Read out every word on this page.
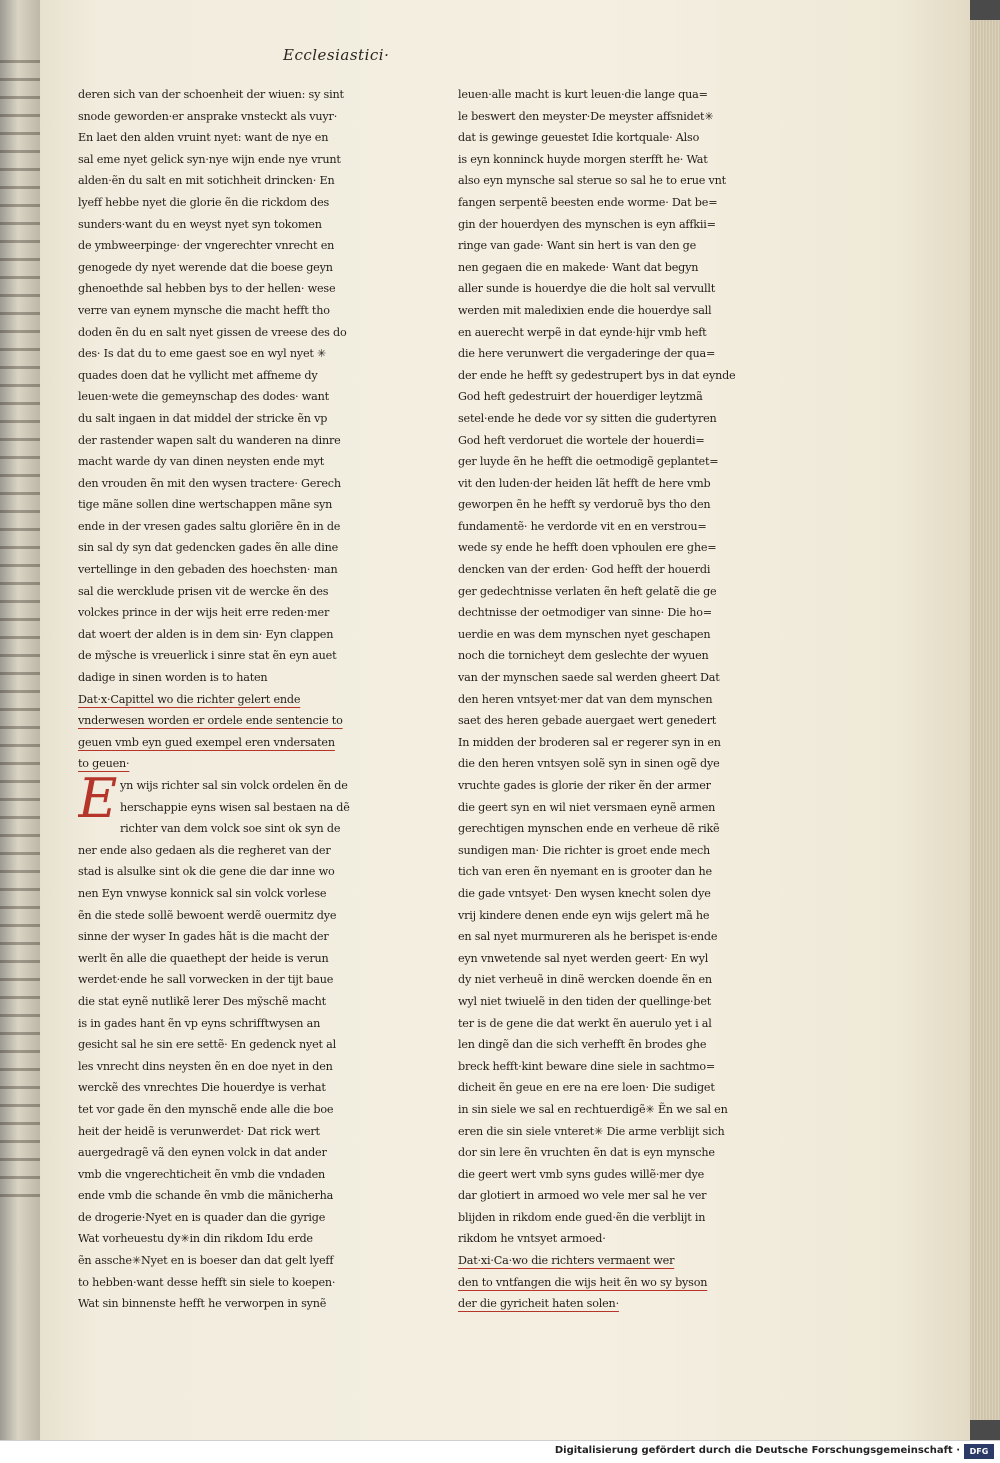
Ecclesiastici·
deren sich van der schoenheit der wiuen: sy sint
snode geworden·er ansprake vnsteckt als vuyr·
En laet den alden vruint nyet: want de nye en
sal eme nyet gelick syn·nye wijn ende nye vrunt
alden·ẽn du salt en mit sotichheit drincken· En
lyeff hebbe nyet die glorie ẽn die rickdom des
sunders·want du en weyst nyet syn tokomen
de ymbweerpinge· der vngerechter vnrecht en
genogede dy nyet werende dat die boese geyn
ghenoethde sal hebben bys to der hellen· wese
verre van eynem mynsche die macht hefft tho
doden ẽn du en salt nyet gissen de vreese des do
des· Is dat du to eme gaest soe en wyl nyet ✳
quades doen dat he vyllicht met affneme dy
leuen·wete die gemeynschap des dodes· want
du salt ingaen in dat middel der stricke ẽn vp
der rastender wapen salt du wanderen na dinre
macht warde dy van dinen neysten ende myt
den vrouden ẽn mit den wysen tractere· Gerech
tige mãne sollen dine wertschappen mãne syn
ende in der vresen gades saltu gloriẽre ẽn in de
sin sal dy syn dat gedencken gades ẽn alle dine
vertellinge in den gebaden des hoechsten· man
sal die wercklude prisen vit de wercke ẽn des
volckes prince in der wijs heit erre reden·mer
dat woert der alden is in dem sin· Eyn clappen
de mỹsche is vreuerlick i sinre stat ẽn eyn auet
dadige in sinen worden is to haten
Dat·x·Capittel wo die richter gelert ende
vnderwesen worden er ordele ende sentencie to
geuen vmb eyn gued exempel eren vndersaten
to geuen·
E yn wijs richter sal sin volck ordelen ẽn de
herschappie eyns wisen sal bestaen na dẽ
richter van dem volck soe sint ok syn de
ner ende also gedaen als die regheret van der
stad is alsulke sint ok die gene die dar inne wo
nen Eyn vnwyse konnick sal sin volck vorlese
ẽn die stede sollẽ bewoent werdẽ ouermitz dye
sinne der wyser In gades hãt is die macht der
werlt ẽn alle die quaethept der heide is verun
werdet·ende he sall vorwecken in der tijt baue
die stat eynẽ nutlikẽ lerer Des mỹschẽ macht
is in gades hant ẽn vp eyns schrifftwysen an
gesicht sal he sin ere settẽ· En gedenck nyet al
les vnrecht dins neysten ẽn en doe nyet in den
werckẽ des vnrechtes Die houerdye is verhat
tet vor gade ẽn den mynschẽ ende alle die boe
heit der heidẽ is verunwerdet· Dat rick wert
auergedragẽ vã den eynen volck in dat ander
vmb die vngerechticheit ẽn vmb die vndaden
ende vmb die schande ẽn vmb die mãnicherha
de drogerie·Nyet en is quader dan die gyrige
Wat vorheuestu dy✳in din rikdom Idu erde
ẽn assche✳Nyet en is boeser dan dat gelt lyeff
to hebben·want desse hefft sin siele to koepen·
Wat sin binnenste hefft he verworpen in synẽ
leuen·alle macht is kurt leuen·die lange qua=
le beswert den meyster·De meyster affsnidet✳
dat is gewinge geuestet Idie kortquale· Also
is eyn konninck huyde morgen sterfft he· Wat
also eyn mynsche sal sterue so sal he to erue vnt
fangen serpentẽ beesten ende worme· Dat be=
gin der houerdyen des mynschen is eyn affkii=
ringe van gade· Want sin hert is van den ge
nen gegaen die en makede· Want dat begyn
aller sunde is houerdye die die holt sal vervullt
werden mit maledixien ende die houerdye sall
en auerecht werpẽ in dat eynde·hijr vmb heft
die here verunwert die vergaderinge der qua=
der ende he hefft sy gedestrupert bys in dat eynde
God heft gedestruirt der houerdiger leytzmã
setel·ende he dede vor sy sitten die gudertyren
God heft verdoruet die wortele der houerdi=
ger luyde ẽn he hefft die oetmodigẽ geplantet=
vit den luden·der heiden lãt hefft de here vmb
geworpen ẽn he hefft sy verdoruẽ bys tho den
fundamentẽ· he verdorde vit en en verstrou=
wede sy ende he hefft doen vphoulen ere ghe=
dencken van der erden· God hefft der houerdi
ger gedechtnisse verlaten ẽn heft gelatẽ die ge
dechtnisse der oetmodiger van sinne· Die ho=
uerdie en was dem mynschen nyet geschapen
noch die tornicheyt dem geslechte der wyuen
van der mynschen saede sal werden gheert Dat
den heren vntsyet·mer dat van dem mynschen
saet des heren gebade auergaet wert genedert
In midden der broderen sal er regerer syn in en
die den heren vntsyen solẽ syn in sinen ogẽ dye
vruchte gades is glorie der riker ẽn der armer
die geert syn en wil niet versmaen eynẽ armen
gerechtigen mynschen ende en verheue dẽ rikẽ
sundigen man· Die richter is groet ende mech
tich van eren ẽn nyemant en is grooter dan he
die gade vntsyet· Den wysen knecht solen dye
vrij kindere denen ende eyn wijs gelert mã he
en sal nyet murmureren als he berispet is·ende
eyn vnwetende sal nyet werden geert· En wyl
dy niet verheuẽ in dinẽ wercken doende ẽn en
wyl niet twiuelẽ in den tiden der quellinge·bet
ter is de gene die dat werkt ẽn auerulo yet i al
len dingẽ dan die sich verhefft ẽn brodes ghe
breck hefft·kint beware dine siele in sachtmo=
dicheit ẽn geue en ere na ere loen· Die sudiget
in sin siele we sal en rechtuerdigẽ✳ Ẽn we sal en
eren die sin siele vnteret✳ Die arme verblijt sich
dor sin lere ẽn vruchten ẽn dat is eyn mynsche
die geert wert vmb syns gudes willẽ·mer dye
dar glotiert in armoed wo vele mer sal he ver
blijden in rikdom ende gued·ẽn die verblijt in
rikdom he vntsyet armoed·
Dat·xi·Ca·wo die richters vermaent wer
den to vntfangen die wijs heit ẽn wo sy byson
der die gyricheit haten solen·
Digitalisierung gefördert durch die Deutsche Forschungsgemeinschaft ·	DFG
